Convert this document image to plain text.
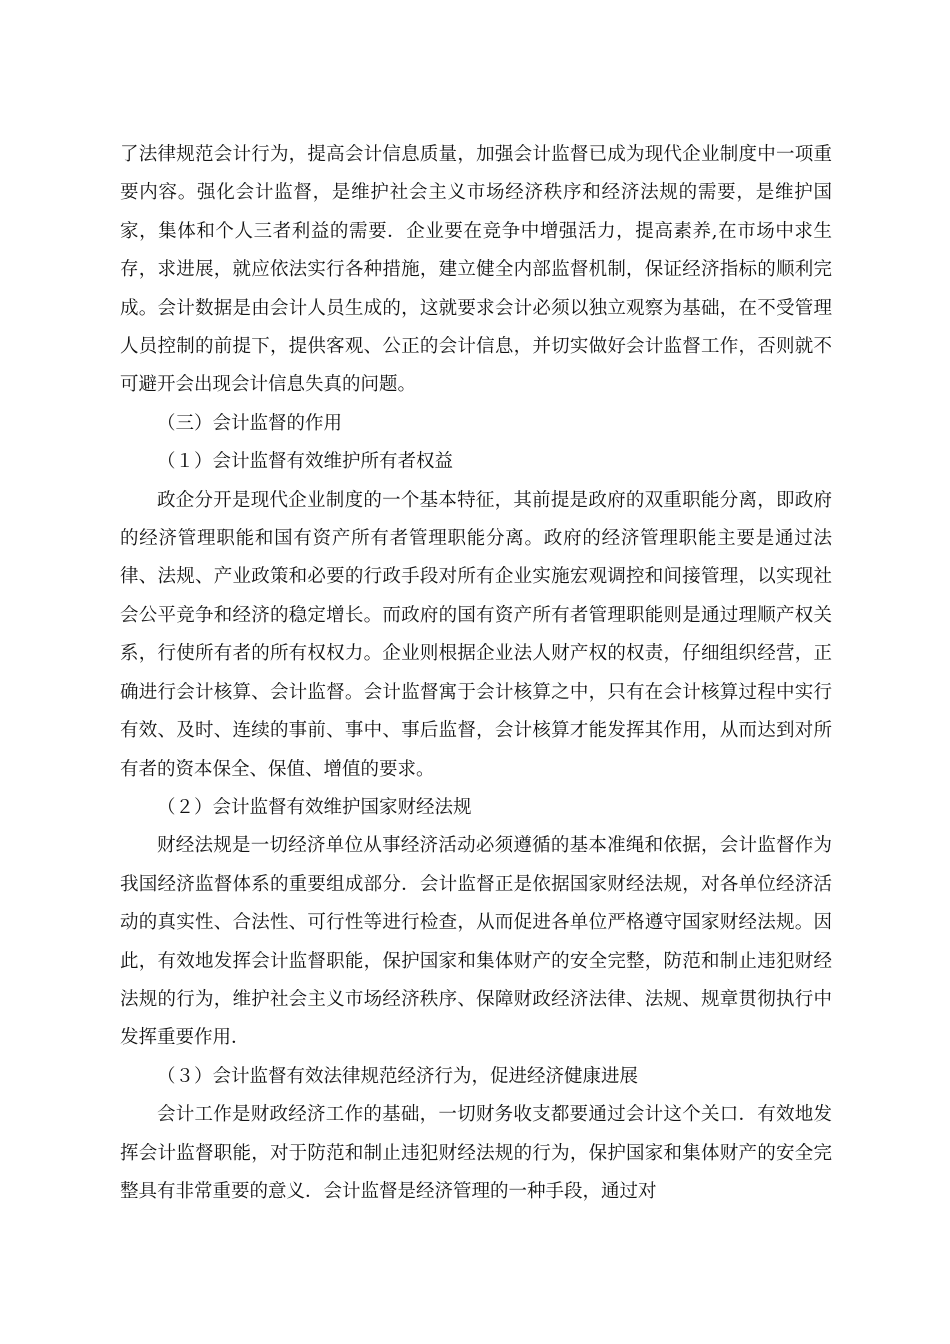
了法律规范会计行为，提高会计信息质量，加强会计监督已成为现代企业制度中一项重要内容。强化会计监督，是维护社会主义市场经济秩序和经济法规的需要，是维护国家，集体和个人三者利益的需要．企业要在竞争中增强活力，提高素养,在市场中求生存，求进展，就应依法实行各种措施，建立健全内部监督机制，保证经济指标的顺利完成。会计数据是由会计人员生成的，这就要求会计必须以独立观察为基础，在不受管理人员控制的前提下，提供客观、公正的会计信息，并切实做好会计监督工作，否则就不可避开会出现会计信息失真的问题。

（三）会计监督的作用
（１）会计监督有效维护所有者权益

政企分开是现代企业制度的一个基本特征，其前提是政府的双重职能分离，即政府的经济管理职能和国有资产所有者管理职能分离。政府的经济管理职能主要是通过法律、法规、产业政策和必要的行政手段对所有企业实施宏观调控和间接管理，以实现社会公平竞争和经济的稳定增长。而政府的国有资产所有者管理职能则是通过理顺产权关系，行使所有者的所有权权力。企业则根据企业法人财产权的权责，仔细组织经营，正确进行会计核算、会计监督。会计监督寓于会计核算之中，只有在会计核算过程中实行有效、及时、连续的事前、事中、事后监督，会计核算才能发挥其作用，从而达到对所有者的资本保全、保值、增值的要求。

（２）会计监督有效维护国家财经法规

财经法规是一切经济单位从事经济活动必须遵循的基本准绳和依据，会计监督作为我国经济监督体系的重要组成部分．会计监督正是依据国家财经法规，对各单位经济活动的真实性、合法性、可行性等进行检查，从而促进各单位严格遵守国家财经法规。因此，有效地发挥会计监督职能，保护国家和集体财产的安全完整，防范和制止违犯财经法规的行为，维护社会主义市场经济秩序、保障财政经济法律、法规、规章贯彻执行中发挥重要作用．

（３）会计监督有效法律规范经济行为，促进经济健康进展

会计工作是财政经济工作的基础，一切财务收支都要通过会计这个关口．有效地发挥会计监督职能，对于防范和制止违犯财经法规的行为，保护国家和集体财产的安全完整具有非常重要的意义．会计监督是经济管理的一种手段，通过对
